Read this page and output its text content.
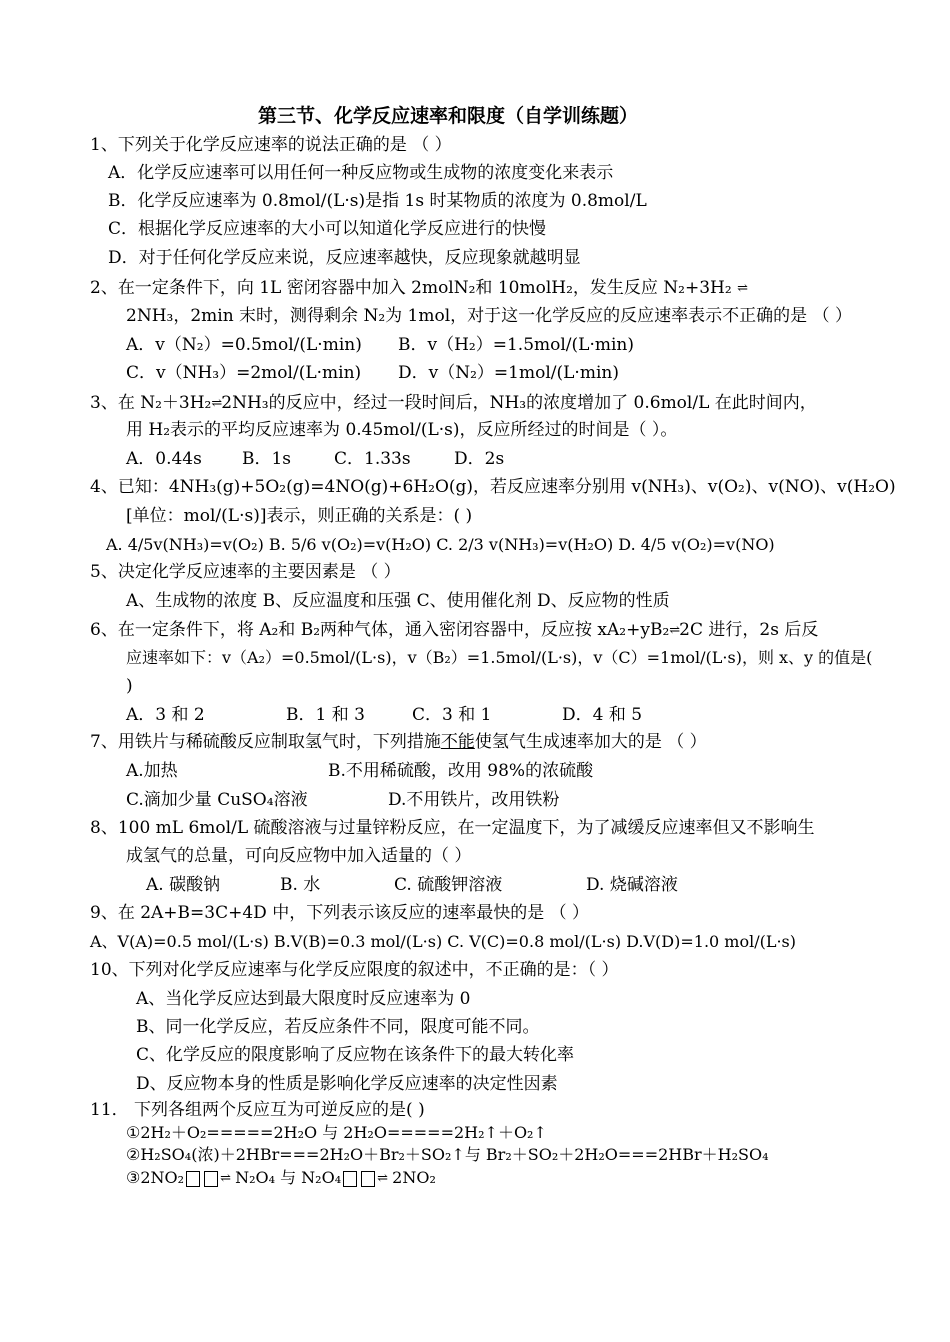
第三节、化学反应速率和限度（自学训练题）
1、下列关于化学反应速率的说法正确的是 （ ）
A．化学反应速率可以用任何一种反应物或生成物的浓度变化来表示
B．化学反应速率为 0.8mol/(L·s)是指 1s 时某物质的浓度为 0.8mol/L
C．根据化学反应速率的大小可以知道化学反应进行的快慢
D．对于任何化学反应来说，反应速率越快，反应现象就越明显
2、在一定条件下，向 1L 密闭容器中加入 2molN₂和 10molH₂，发生反应 N₂+3H₂ ⇌
2NH₃，2min 末时，测得剩余 N₂为 1mol，对于这一化学反应的反应速率表示不正确的是 （ ）
A．v（N₂）=0.5mol/(L·min) B．v（H₂）=1.5mol/(L·min)
C．v（NH₃）=2mol/(L·min) D．v（N₂）=1mol/(L·min)
3、在 N₂＋3H₂⇌2NH₃的反应中，经过一段时间后，NH₃的浓度增加了 0.6mol/L 在此时间内，
用 H₂表示的平均反应速率为 0.45mol/(L·s)，反应所经过的时间是（ ）。
A．0.44s B．1s	C．1.33s	D．2s
4、已知：4NH₃(g)+5O₂(g)=4NO(g)+6H₂O(g)，若反应速率分别用 v(NH₃)、v(O₂)、v(NO)、v(H₂O)
[单位：mol/(L·s)]表示，则正确的关系是：( )
A. 4/5v(NH₃)=v(O₂) B. 5/6 v(O₂)=v(H₂O) C. 2/3 v(NH₃)=v(H₂O) D. 4/5 v(O₂)=v(NO)
5、决定化学反应速率的主要因素是 （ ）
A、生成物的浓度 B、反应温度和压强 C、使用催化剂 D、反应物的性质
6、在一定条件下，将 A₂和 B₂两种气体，通入密闭容器中，反应按 xA₂+yB₂⇌2C 进行，2s 后反
应速率如下：v（A₂）=0.5mol/(L·s)，v（B₂）=1.5mol/(L·s)，v（C）=1mol/(L·s)，则 x、y 的值是(
)
A．3 和 2	B．1 和 3	C．3 和 1	D．4 和 5
7、用铁片与稀硫酸反应制取氢气时，下列措施不能使氢气生成速率加大的是 （ ）
A.加热	B.不用稀硫酸，改用 98%的浓硫酸
C.滴加少量 CuSO₄溶液	D.不用铁片，改用铁粉
8、100 mL 6mol/L 硫酸溶液与过量锌粉反应，在一定温度下，为了减缓反应速率但又不影响生
成氢气的总量，可向反应物中加入适量的（ ）
A. 碳酸钠	B. 水	C. 硫酸钾溶液	D. 烧碱溶液
9、在 2A+B=3C+4D 中，下列表示该反应的速率最快的是 （ ）
A、V(A)=0.5 mol/(L·s) B.V(B)=0.3 mol/(L·s) C. V(C)=0.8 mol/(L·s) D.V(D)=1.0 mol/(L·s)
10、下列对化学反应速率与化学反应限度的叙述中，不正确的是：（ ）
A、当化学反应达到最大限度时反应速率为 0
B、同一化学反应，若反应条件不同，限度可能不同。
C、化学反应的限度影响了反应物在该条件下的最大转化率
D、反应物本身的性质是影响化学反应速率的决定性因素
11． 下列各组两个反应互为可逆反应的是( )
①2H₂＋O₂=====2H₂O 与 2H₂O=====2H₂↑＋O₂↑
②H₂SO₄(浓)＋2HBr===2H₂O＋Br₂＋SO₂↑与 Br₂＋SO₂＋2H₂O===2HBr＋H₂SO₄
③2NO₂	⇌ N₂O₄ 与 N₂O₄	⇌ 2NO₂
